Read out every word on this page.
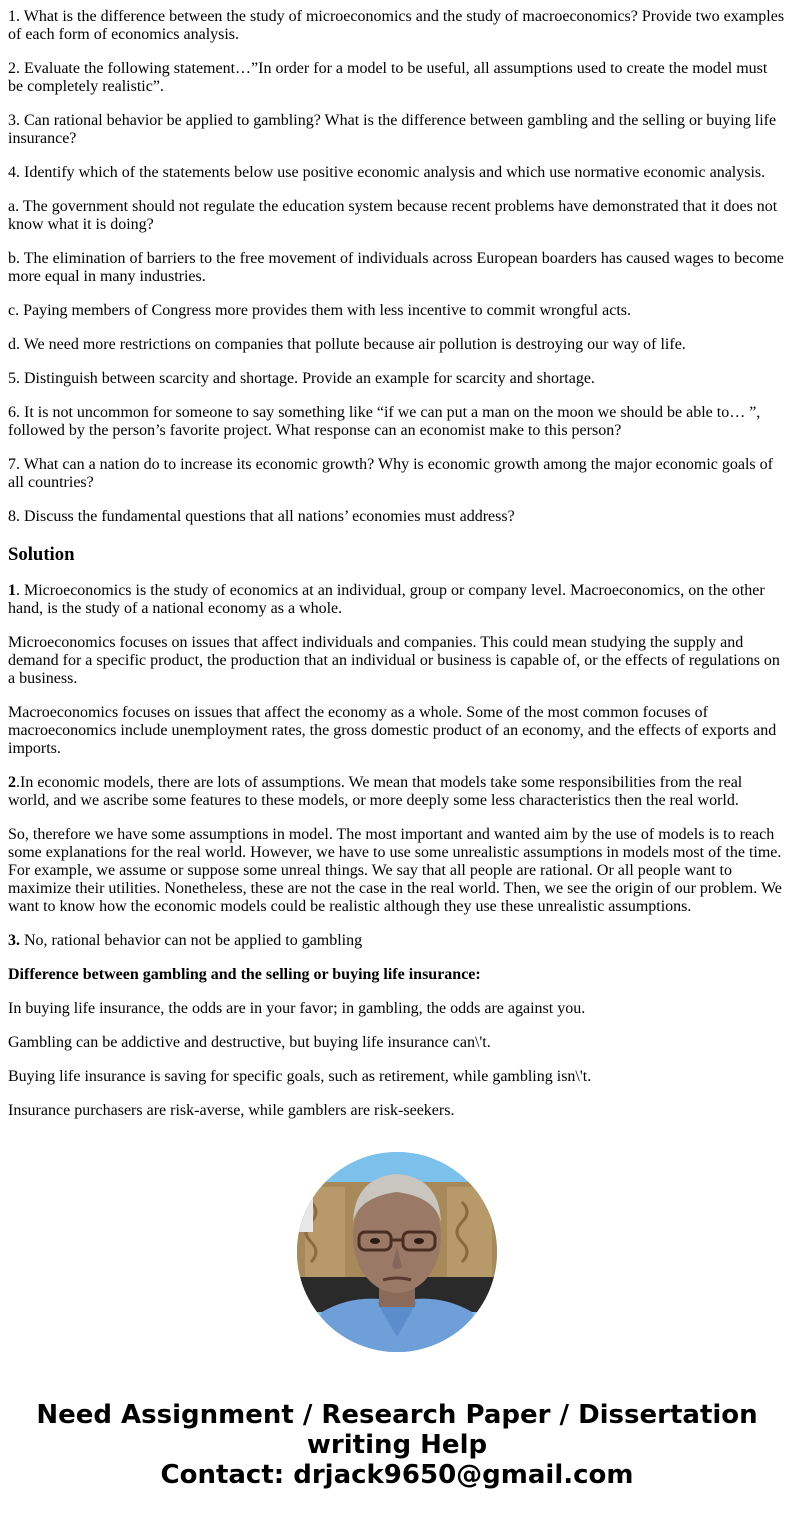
1. What is the difference between the study of microeconomics and the study of macroeconomics? Provide two examples of each form of economics analysis.

2. Evaluate the following statement…”In order for a model to be useful, all assumptions used to create the model must be completely realistic”.

3. Can rational behavior be applied to gambling? What is the difference between gambling and the selling or buying life insurance?

4. Identify which of the statements below use positive economic analysis and which use normative economic analysis.

a. The government should not regulate the education system because recent problems have demonstrated that it does not know what it is doing?

b. The elimination of barriers to the free movement of individuals across European boarders has caused wages to become more equal in many industries.

c. Paying members of Congress more provides them with less incentive to commit wrongful acts.

d. We need more restrictions on companies that pollute because air pollution is destroying our way of life.

5. Distinguish between scarcity and shortage. Provide an example for scarcity and shortage.

6. It is not uncommon for someone to say something like “if we can put a man on the moon we should be able to… ”, followed by the person’s favorite project. What response can an economist make to this person?

7. What can a nation do to increase its economic growth? Why is economic growth among the major economic goals of all countries?

8. Discuss the fundamental questions that all nations’ economies must address?

Solution

1. Microeconomics is the study of economics at an individual, group or company level. Macroeconomics, on the other hand, is the study of a national economy as a whole.

Microeconomics focuses on issues that affect individuals and companies. This could mean studying the supply and demand for a specific product, the production that an individual or business is capable of, or the effects of regulations on a business.

Macroeconomics focuses on issues that affect the economy as a whole. Some of the most common focuses of macroeconomics include unemployment rates, the gross domestic product of an economy, and the effects of exports and imports.

2.In economic models, there are lots of assumptions. We mean that models take some responsibilities from the real world, and we ascribe some features to these models, or more deeply some less characteristics then the real world.

So, therefore we have some assumptions in model. The most important and wanted aim by the use of models is to reach some explanations for the real world. However, we have to use some unrealistic assumptions in models most of the time. For example, we assume or suppose some unreal things. We say that all people are rational. Or all people want to maximize their utilities. Nonetheless, these are not the case in the real world. Then, we see the origin of our problem. We want to know how the economic models could be realistic although they use these unrealistic assumptions.

3. No, rational behavior can not be applied to gambling

Difference between gambling and the selling or buying life insurance:

In buying life insurance, the odds are in your favor; in gambling, the odds are against you.

Gambling can be addictive and destructive, but buying life insurance can\'t.

Buying life insurance is saving for specific goals, such as retirement, while gambling isn\'t.

Insurance purchasers are risk-averse, while gamblers are risk-seekers.

Need Assignment / Research Paper / Dissertation writing Help
Contact: drjack9650@gmail.com
